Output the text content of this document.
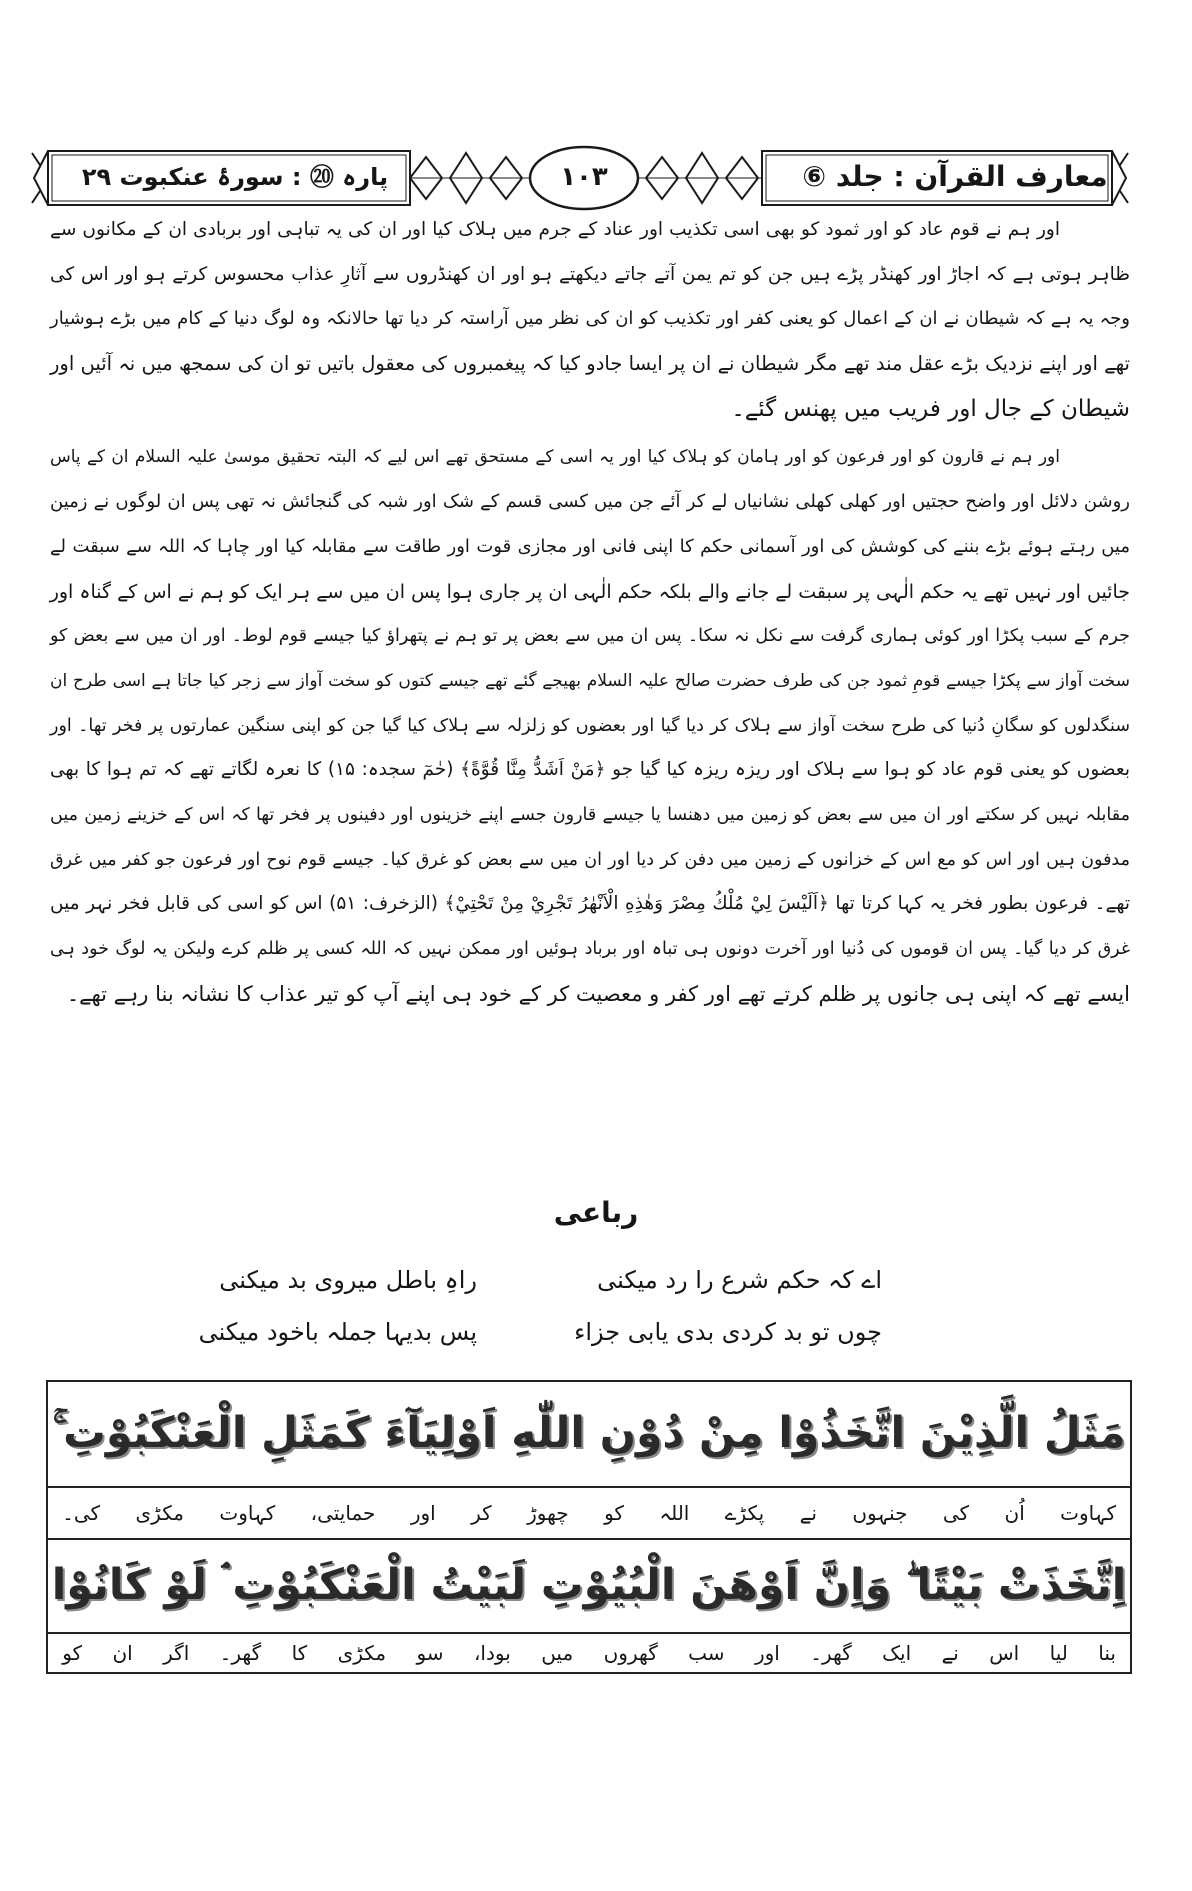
معارف القرآن : جلد ⑥
١٠٣
پارہ ⑳ : سورۂ عنکبوت ۲۹
اور ہم نے قوم عاد کو اور ثمود کو بھی اسی تکذیب اور عناد کے جرم میں ہلاک کیا اور ان کی یہ تباہی اور بربادی ان کے مکانوں سے
ظاہر ہوتی ہے کہ اجاڑ اور کھنڈر پڑے ہیں جن کو تم یمن آتے جاتے دیکھتے ہو اور ان کھنڈروں سے آثارِ عذاب محسوس کرتے ہو اور اس کی
وجہ یہ ہے کہ شیطان نے ان کے اعمال کو یعنی کفر اور تکذیب کو ان کی نظر میں آراستہ کر دیا تھا حالانکہ وہ لوگ دنیا کے کام میں بڑے ہوشیار
تھے اور اپنے نزدیک بڑے عقل مند تھے مگر شیطان نے ان پر ایسا جادو کیا کہ پیغمبروں کی معقول باتیں تو ان کی سمجھ میں نہ آئیں اور
شیطان کے جال اور فریب میں پھنس گئے۔
اور ہم نے قارون کو اور فرعون کو اور ہامان کو ہلاک کیا اور یہ اسی کے مستحق تھے اس لیے کہ البتہ تحقیق موسیٰ علیہ السلام ان کے پاس
روشن دلائل اور واضح حجتیں اور کھلی کھلی نشانیاں لے کر آئے جن میں کسی قسم کے شک اور شبہ کی گنجائش نہ تھی پس ان لوگوں نے زمین
میں رہتے ہوئے بڑے بننے کی کوشش کی اور آسمانی حکم کا اپنی فانی اور مجازی قوت اور طاقت سے مقابلہ کیا اور چاہا کہ اللہ سے سبقت لے
جائیں اور نہیں تھے یہ حکم الٰہی پر سبقت لے جانے والے بلکہ حکم الٰہی ان پر جاری ہوا پس ان میں سے ہر ایک کو ہم نے اس کے گناہ اور
جرم کے سبب پکڑا اور کوئی ہماری گرفت سے نکل نہ سکا۔ پس ان میں سے بعض پر تو ہم نے پتھراؤ کیا جیسے قوم لوط۔ اور ان میں سے بعض کو
سخت آواز سے پکڑا جیسے قومِ ثمود جن کی طرف حضرت صالح علیہ السلام بھیجے گئے تھے جیسے کتوں کو سخت آواز سے زجر کیا جاتا ہے اسی طرح ان
سنگدلوں کو سگانِ دُنیا کی طرح سخت آواز سے ہلاک کر دیا گیا اور بعضوں کو زلزلہ سے ہلاک کیا گیا جن کو اپنی سنگین عمارتوں پر فخر تھا۔ اور
بعضوں کو یعنی قوم عاد کو ہوا سے ہلاک اور ریزہ ریزہ کیا گیا جو ﴿مَنْ اَشَدُّ مِنَّا قُوَّةً﴾ (حٰمٓ سجدہ: ۱۵) کا نعرہ لگاتے تھے کہ تم ہوا کا بھی
مقابلہ نہیں کر سکتے اور ان میں سے بعض کو زمین میں دھنسا یا جیسے قارون جسے اپنے خزینوں اور دفینوں پر فخر تھا کہ اس کے خزینے زمین میں
مدفون ہیں اور اس کو مع اس کے خزانوں کے زمین میں دفن کر دیا اور ان میں سے بعض کو غرق کیا۔ جیسے قوم نوح اور فرعون جو کفر میں غرق
تھے۔ فرعون بطور فخر یہ کہا کرتا تھا ﴿اَلَيْسَ لِيْ مُلْكُ مِصْرَ وَهٰذِهِ الْاَنْهٰرُ تَجْرِيْ مِنْ تَحْتِيْ﴾ (الزخرف: ۵۱) اس کو اسی کی قابل فخر نہر میں
غرق کر دیا گیا۔ پس ان قوموں کی دُنیا اور آخرت دونوں ہی تباہ اور برباد ہوئیں اور ممکن نہیں کہ اللہ کسی پر ظلم کرے ولیکن یہ لوگ خود ہی
ایسے تھے کہ اپنی ہی جانوں پر ظلم کرتے تھے اور کفر و معصیت کر کے خود ہی اپنے آپ کو تیر عذاب کا نشانہ بنا رہے تھے۔
رباعی
اے کہ حکم شرع را رد میکنی
راہِ باطل میروی بد میکنی
چوں تو بد کردی بدی یابی جزاء
پس بدیہا جملہ باخود میکنی
مَثَلُ الَّذِيْنَ اتَّخَذُوْا مِنْ دُوْنِ اللّٰهِ اَوْلِيَآءَ كَمَثَلِ الْعَنْكَبُوْتِ ۚ
کہاوت
اُن
کی
جنہوں
نے
پکڑے
اللہ
کو
چھوڑ
کر
اور
حمایتی،
کہاوت
مکڑی
کی۔
اِتَّخَذَتْ بَيْتًا ۖ وَاِنَّ اَوْهَنَ الْبُيُوْتِ لَبَيْتُ الْعَنْكَبُوْتِ ۘ لَوْ كَانُوْا
بنا
لیا
اس
نے
ایک
گھر۔
اور
سب
گھروں
میں
بودا،
سو
مکڑی
کا
گھر۔
اگر
ان
کو
